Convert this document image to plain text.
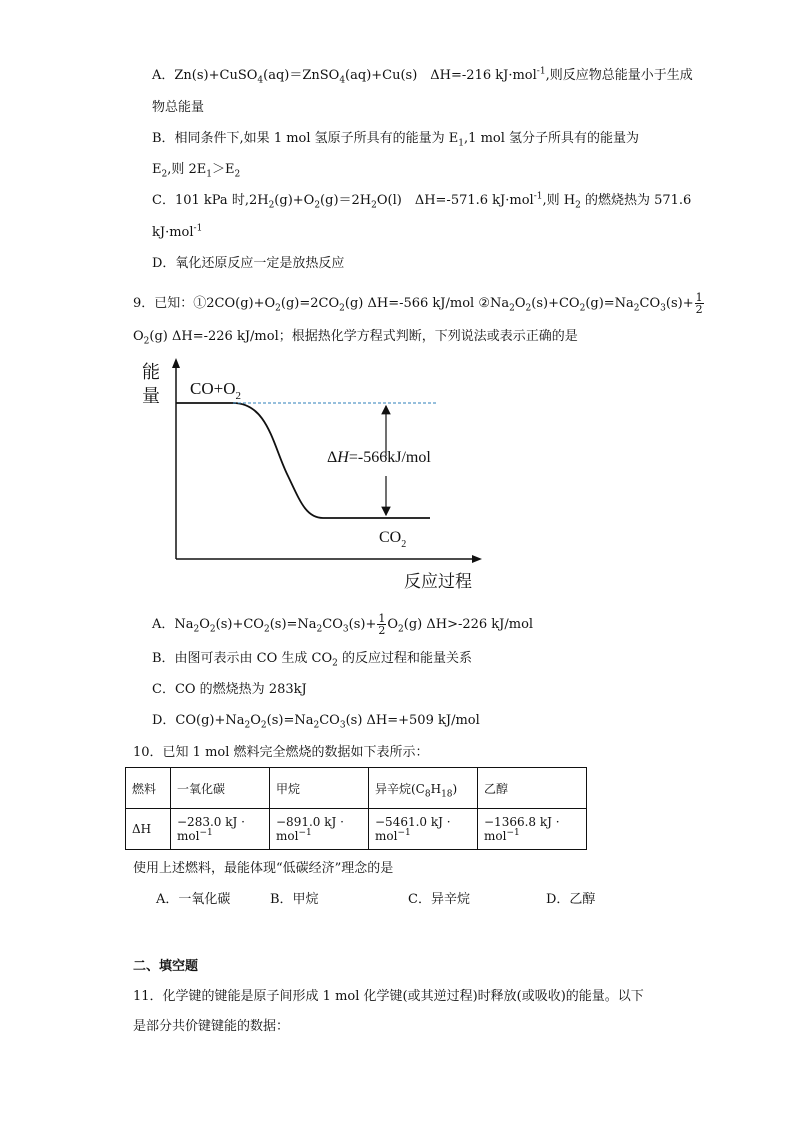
A．Zn(s)+CuSO$_4$(aq)＝ZnSO$_4$(aq)+Cu(s)　ΔH=-216 kJ·mol$^{-1}$,则反应物总能量小于生成
物总能量
B．相同条件下,如果 1 mol 氢原子所具有的能量为 $E_1,1$ mol 氢分子所具有的能量为
$E_2$,则 $2E_1>E_2$
C．101 kPa 时$,2H_2(g)+O_2(g)=2H_2O(l)$　ΔH=-571.6 kJ·mol$^{-1}$,则 $H_2$ 的燃烧热为 571.6
kJ·mol$^{-1}$
D．氧化还原反应一定是放热反应
9．已知：$①2CO(g)+O_2(g)=2CO_2(g)$ ΔH=-566 kJ/mol $②Na_2O_2(s)+CO_2(g)=Na_2CO_3(s)+ \frac{1}{2}$
$O_2(g)$ ΔH=-226 kJ/mol；根据热化学方程式判断，下列说法或表示正确的是
能
量 $CO+O_2$
ΔH=-566kJ/mol
$CO_2$
反应过程
A．$Na_2O_2(s)+CO_2(s)=Na_2CO_3(s)+ \frac{1}{2} O_2(g)$ ΔH>-226 kJ/mol
B．由图可表示由 CO 生成 $CO_2$ 的反应过程和能量关系
C．CO 的燃烧热为 283kJ
D．$CO(g)+Na_2O_2(s)=Na_2CO_3(s)$ ΔH=+509 kJ/mol
10．已知 1 mol 燃料完全燃烧的数据如下表所示：
燃料	一氧化碳	甲烷	异辛烷$(C_8H_{18})$	乙醇
ΔH	−283.0 kJ · mol$^{-1}$	−891.0 kJ · mol$^{-1}$	−5461.0 kJ · mol$^{-1}$	−1366.8 kJ · mol$^{-1}$
使用上述燃料，最能体现“低碳经济”理念的是
A．一氧化碳	B．甲烷	C．异辛烷	D．乙醇
二、填空题
11．化学键的键能是原子间形成 1 mol 化学键(或其逆过程)时释放(或吸收)的能量。以下
是部分共价键键能的数据：
